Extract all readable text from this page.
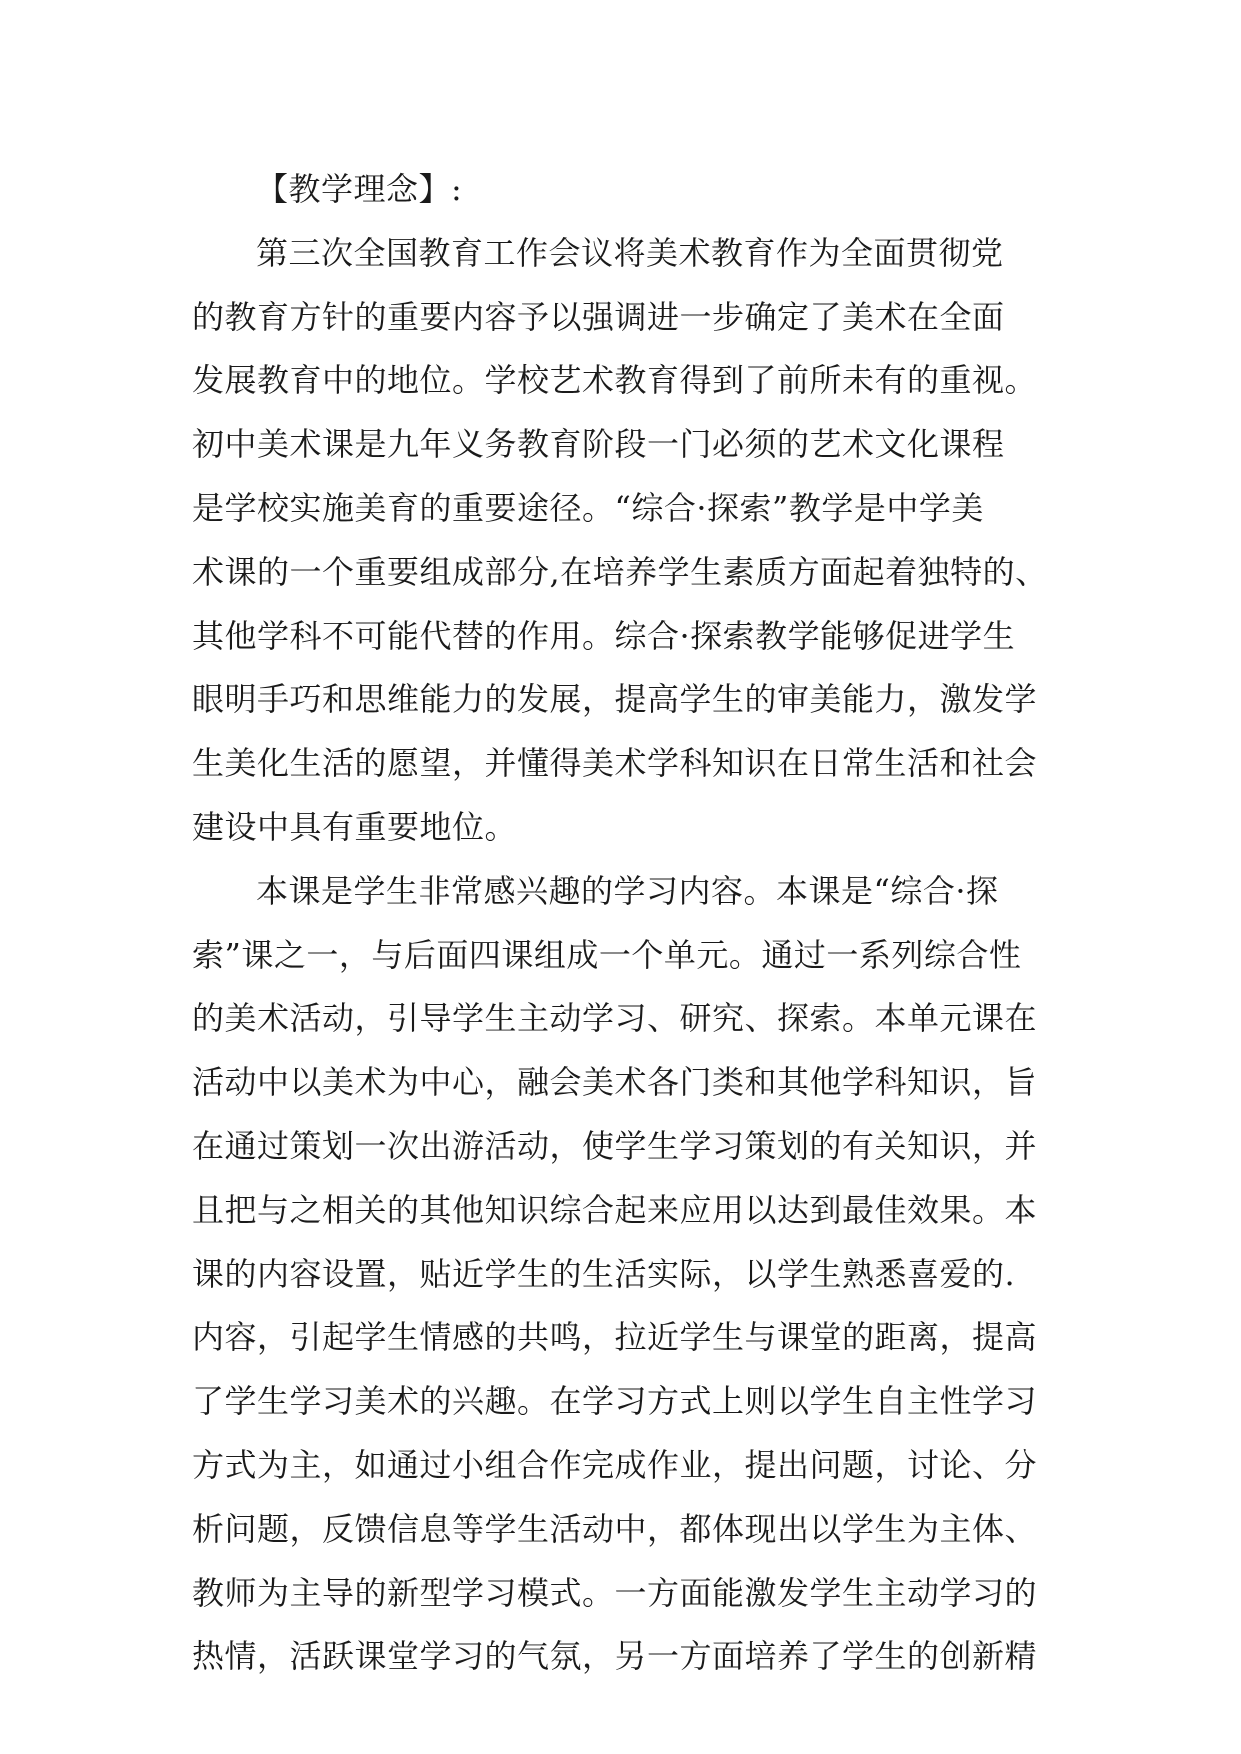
【教学理念】:
第三次全国教育工作会议将美术教育作为全面贯彻党
的教育方针的重要内容予以强调进一步确定了美术在全面
发展教育中的地位。学校艺术教育得到了前所未有的重视。
初中美术课是九年义务教育阶段一门必须的艺术文化课程
是学校实施美育的重要途径。“综合·探索”教学是中学美
术课的一个重要组成部分,在培养学生素质方面起着独特的、
其他学科不可能代替的作用。综合·探索教学能够促进学生
眼明手巧和思维能力的发展，提高学生的审美能力，激发学
生美化生活的愿望，并懂得美术学科知识在日常生活和社会
建设中具有重要地位。
本课是学生非常感兴趣的学习内容。本课是“综合·探
索”课之一，与后面四课组成一个单元。通过一系列综合性
的美术活动，引导学生主动学习、研究、探索。本单元课在
活动中以美术为中心，融会美术各门类和其他学科知识，旨
在通过策划一次出游活动，使学生学习策划的有关知识，并
且把与之相关的其他知识综合起来应用以达到最佳效果。本
课的内容设置，贴近学生的生活实际，以学生熟悉喜爱的.
内容，引起学生情感的共鸣，拉近学生与课堂的距离，提高
了学生学习美术的兴趣。在学习方式上则以学生自主性学习
方式为主，如通过小组合作完成作业，提出问题，讨论、分
析问题，反馈信息等学生活动中，都体现出以学生为主体、
教师为主导的新型学习模式。一方面能激发学生主动学习的
热情，活跃课堂学习的气氛，另一方面培养了学生的创新精
